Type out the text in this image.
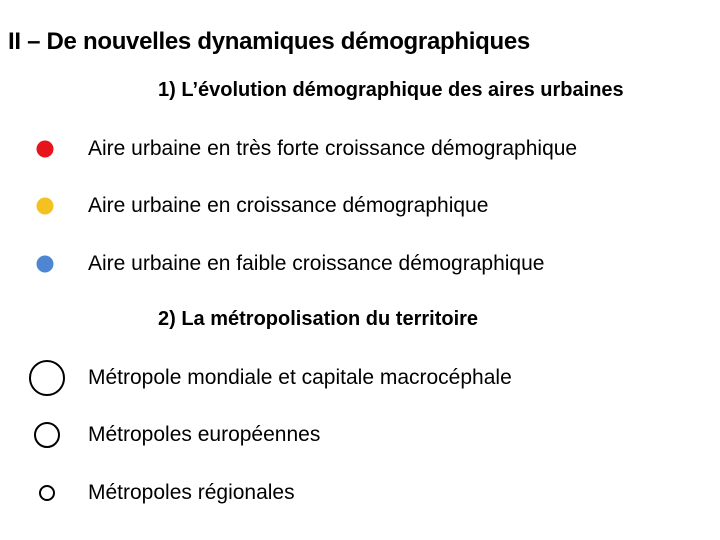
II – De nouvelles dynamiques démographiques
1) L’évolution démographique des aires urbaines
Aire urbaine en très forte croissance démographique
Aire urbaine en croissance démographique
Aire urbaine en faible croissance démographique
2) La métropolisation du territoire
Métropole mondiale et capitale macrocéphale
Métropoles européennes
Métropoles régionales
